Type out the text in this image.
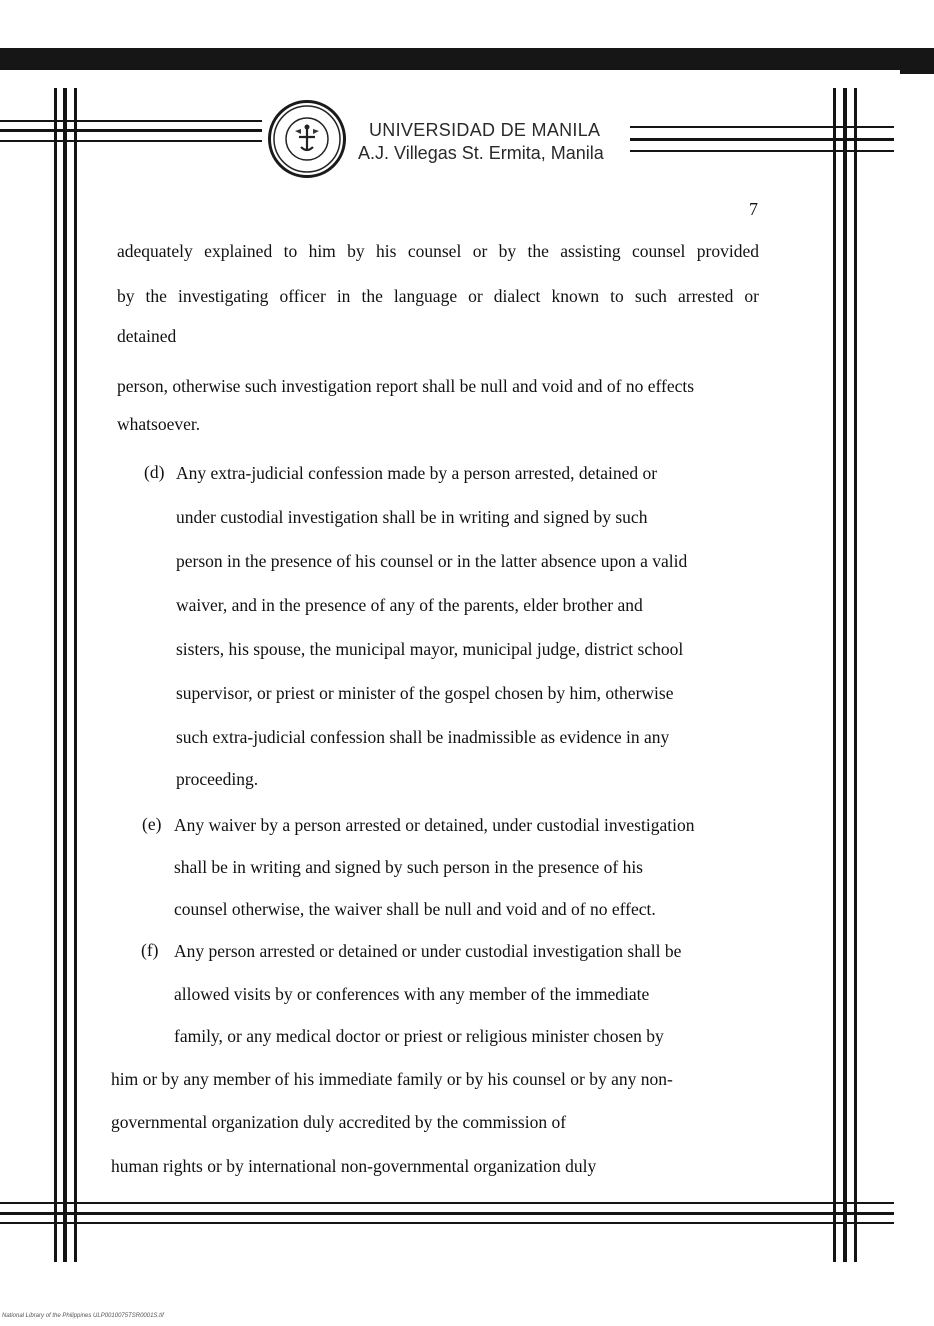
UNIVERSIDAD DE MANILA
A.J. Villegas St. Ermita, Manila
7
adequately explained to him by his counsel or by the assisting counsel provided
by the investigating officer in the language or dialect known to such arrested or
detained
person, otherwise such investigation report shall be null and void and of no effects
whatsoever.
(d) Any extra-judicial confession made by a person arrested, detained or
under custodial investigation shall be in writing and signed by such
person in the presence of his counsel or in the latter absence upon a valid
waiver, and in the presence of any of the parents, elder brother and
sisters, his spouse, the municipal mayor, municipal judge, district school
supervisor, or priest or minister of the gospel chosen by him, otherwise
such extra-judicial confession shall be inadmissible as evidence in any
proceeding.
(e) Any waiver by a person arrested or detained, under custodial investigation
shall be in writing and signed by such person in the presence of his
counsel otherwise, the waiver shall be null and void and of no effect.
(f) Any person arrested or detained or under custodial investigation shall be
allowed visits by or conferences with any member of the immediate
family, or any medical doctor or priest or religious minister chosen by
him or by any member of his immediate family or by his counsel or by any non-
governmental organization duly accredited by the commission of
human rights or by international non-governmental organization duly
National Library of the Philippines ULP0010075TSR0001S.tif
